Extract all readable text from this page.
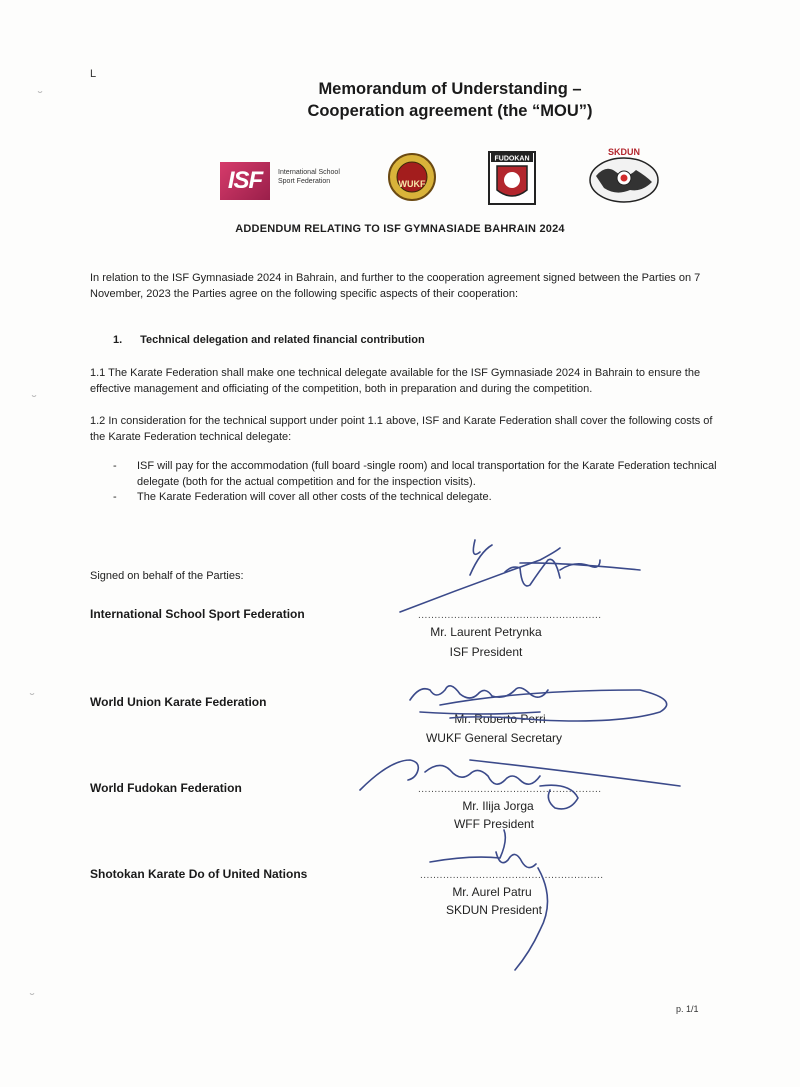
˘
˘
˘
˘
L
Memorandum of Understanding –
Cooperation agreement (the “MOU”)
ISF	International School Sport Federation	WUKF
FUDOKAN
SKDUN
ADDENDUM RELATING TO ISF GYMNASIADE BAHRAIN 2024
In relation to the ISF Gymnasiade 2024 in Bahrain, and further to the cooperation agreement signed between the Parties on 7 November, 2023 the Parties agree on the following specific aspects of their cooperation:
1. Technical delegation and related financial contribution
1.1 The Karate Federation shall make one technical delegate available for the ISF Gymnasiade 2024 in Bahrain to ensure the effective management and officiating of the competition, both in preparation and during the competition.
1.2 In consideration for the technical support under point 1.1 above, ISF and Karate Federation shall cover the following costs of the Karate Federation technical delegate:
-	ISF will pay for the accommodation (full board -single room) and local transportation for the Karate Federation technical delegate (both for the actual competition and for the inspection visits).
-	The Karate Federation will cover all other costs of the technical delegate.
Signed on behalf of the Parties:
International School Sport Federation	........................................................
Mr. Laurent Petrynka
ISF President
World Union Karate Federation
Mr. Roberto Perri
WUKF General Secretary
World Fudokan Federation	........................................................
Mr. Ilija Jorga
WFF President
Shotokan Karate Do of United Nations	........................................................
Mr. Aurel Patru
SKDUN President
p. 1/1
